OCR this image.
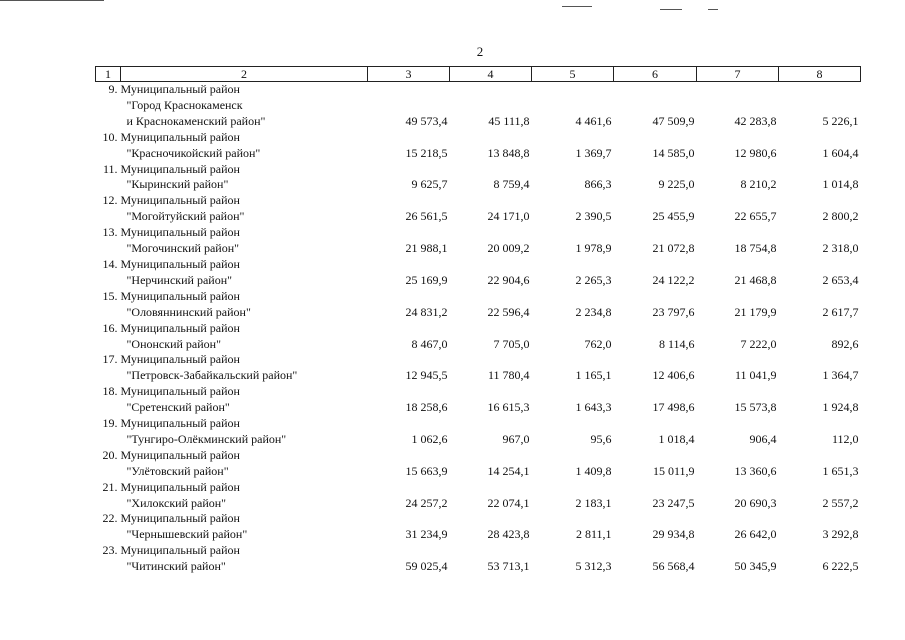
2
1	2	3	4	5	6	7	8
9.	Муниципальный район
"Город Краснокаменск
и Краснокаменский район"	49 573,4	45 111,8	4 461,6	47 509,9	42 283,8	5 226,1
10.	Муниципальный район
"Красночикойский район"	15 218,5	13 848,8	1 369,7	14 585,0	12 980,6	1 604,4
11.	Муниципальный район
"Кыринский район"	9 625,7	8 759,4	866,3	9 225,0	8 210,2	1 014,8
12.	Муниципальный район
"Могойтуйский район"	26 561,5	24 171,0	2 390,5	25 455,9	22 655,7	2 800,2
13.	Муниципальный район
"Могочинский район"	21 988,1	20 009,2	1 978,9	21 072,8	18 754,8	2 318,0
14.	Муниципальный район
"Нерчинский район"	25 169,9	22 904,6	2 265,3	24 122,2	21 468,8	2 653,4
15.	Муниципальный район
"Оловяннинский район"	24 831,2	22 596,4	2 234,8	23 797,6	21 179,9	2 617,7
16.	Муниципальный район
"Ононский район"	8 467,0	7 705,0	762,0	8 114,6	7 222,0	892,6
17.	Муниципальный район
"Петровск-Забайкальский район"	12 945,5	11 780,4	1 165,1	12 406,6	11 041,9	1 364,7
18.	Муниципальный район
"Сретенский район"	18 258,6	16 615,3	1 643,3	17 498,6	15 573,8	1 924,8
19.	Муниципальный район
"Тунгиро-Олёкминский район"	1 062,6	967,0	95,6	1 018,4	906,4	112,0
20.	Муниципальный район
"Улётовский район"	15 663,9	14 254,1	1 409,8	15 011,9	13 360,6	1 651,3
21.	Муниципальный район
"Хилокский район"	24 257,2	22 074,1	2 183,1	23 247,5	20 690,3	2 557,2
22.	Муниципальный район
"Чернышевский район"	31 234,9	28 423,8	2 811,1	29 934,8	26 642,0	3 292,8
23.	Муниципальный район
"Читинский район"	59 025,4	53 713,1	5 312,3	56 568,4	50 345,9	6 222,5
